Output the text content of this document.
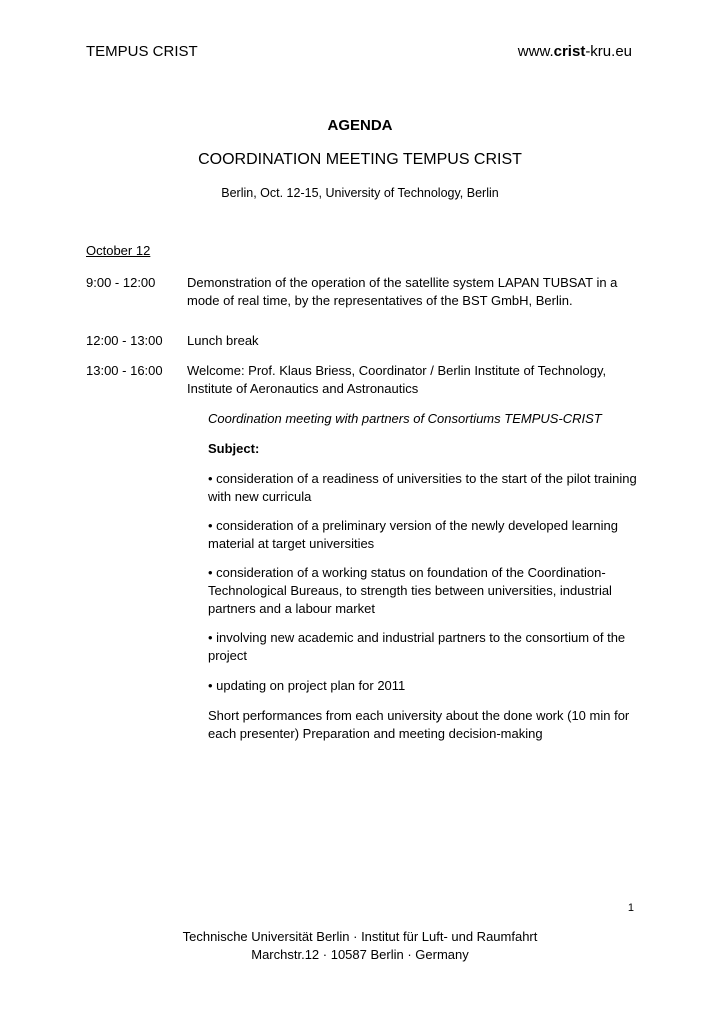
TEMPUS CRIST	www.crist-kru.eu
AGENDA
COORDINATION MEETING TEMPUS CRIST
Berlin, Oct. 12-15, University of Technology, Berlin
October 12
9:00 - 12:00 Demonstration of the operation of the satellite system LAPAN TUBSAT in a mode of real time, by the representatives of the BST GmbH, Berlin.
12:00 - 13:00 Lunch break
13:00 - 16:00 Welcome: Prof. Klaus Briess, Coordinator / Berlin Institute of Technology, Institute of Aeronautics and Astronautics
Coordination meeting with partners of Consortiums TEMPUS-CRIST
Subject:
• consideration of a readiness of universities to the start of the pilot training with new curricula
• consideration of a preliminary version of the newly developed learning material at target universities
• consideration of a working status on foundation of the Coordination-Technological Bureaus, to strength ties between universities, industrial partners and a labour market
• involving new academic and industrial partners to the consortium of the project
• updating on project plan for 2011
Short performances from each university about the done work (10 min for each presenter) Preparation and meeting decision-making
1
Technische Universität Berlin · Institut für Luft- und Raumfahrt
Marchstr.12 · 10587 Berlin · Germany
